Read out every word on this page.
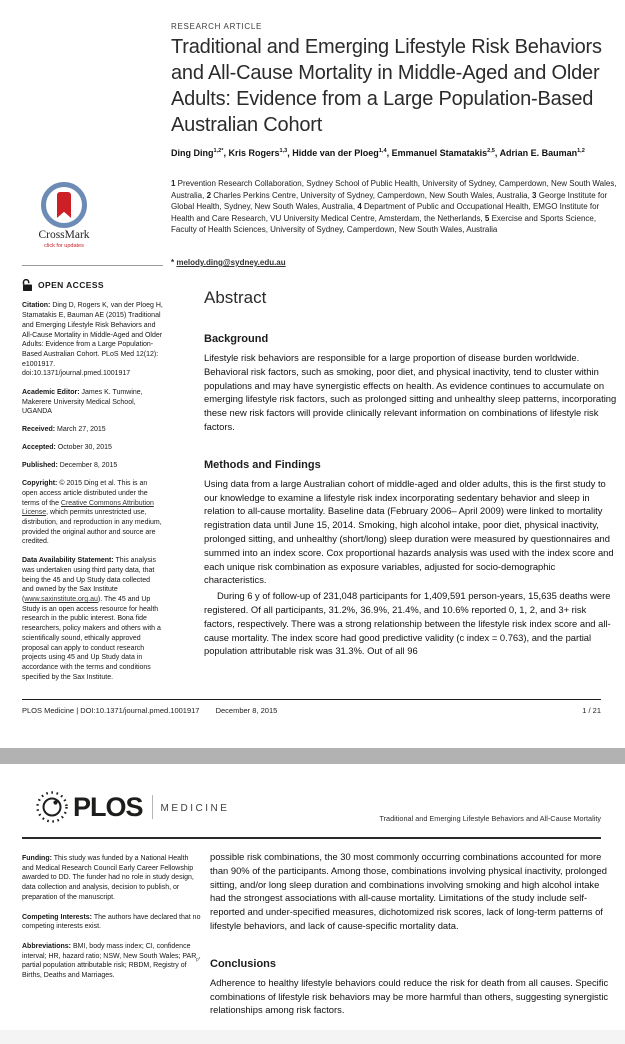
RESEARCH ARTICLE
Traditional and Emerging Lifestyle Risk Behaviors and All-Cause Mortality in Middle-Aged and Older Adults: Evidence from a Large Population-Based Australian Cohort

Ding Ding$^{1,2*}$, Kris Rogers$^{1,3}$, Hidde van der Ploeg$^{1,4}$, Emmanuel Stamatakis$^{2,5}$, Adrian E. Bauman$^{1,2}$

1 Prevention Research Collaboration, Sydney School of Public Health, University of Sydney, Camperdown, New South Wales, Australia, 2 Charles Perkins Centre, University of Sydney, Camperdown, New South Wales, Australia, 3 George Institute for Global Health, Sydney, New South Wales, Australia, 4 Department of Public and Occupational Health, EMGO Institute for Health and Care Research, VU University Medical Centre, Amsterdam, the Netherlands, 5 Exercise and Sports Science, Faculty of Health Sciences, University of Sydney, Camperdown, New South Wales, Australia

* melody.ding@sydney.edu.au

CrossMark
click for updates
OPEN ACCESS

Citation: Ding D, Rogers K, van der Ploeg H, Stamatakis E, Bauman AE (2015) Traditional and Emerging Lifestyle Risk Behaviors and All-Cause Mortality in Middle-Aged and Older Adults: Evidence from a Large Population-Based Australian Cohort. PLoS Med 12(12): e1001917. doi:10.1371/journal.pmed.1001917

Academic Editor: James K. Tumwine, Makerere University Medical School, UGANDA

Received: March 27, 2015

Accepted: October 30, 2015

Published: December 8, 2015

Copyright: © 2015 Ding et al. This is an open access article distributed under the terms of the Creative Commons Attribution License, which permits unrestricted use, distribution, and reproduction in any medium, provided the original author and source are credited.

Data Availability Statement: This analysis was undertaken using third party data, that being the 45 and Up Study data collected and owned by the Sax Institute (www.saxinstitute.org.au). The 45 and Up Study is an open access resource for health research in the public interest. Bona fide researchers, policy makers and others with a scientifically sound, ethically approved proposal can apply to conduct research projects using 45 and Up Study data in accordance with the terms and conditions specified by the Sax Institute.

Abstract
Background

Lifestyle risk behaviors are responsible for a large proportion of disease burden worldwide. Behavioral risk factors, such as smoking, poor diet, and physical inactivity, tend to cluster within populations and may have synergistic effects on health. As evidence continues to accumulate on emerging lifestyle risk factors, such as prolonged sitting and unhealthy sleep patterns, incorporating these new risk factors will provide clinically relevant information on combinations of lifestyle risk factors.

Methods and Findings

Using data from a large Australian cohort of middle-aged and older adults, this is the first study to our knowledge to examine a lifestyle risk index incorporating sedentary behavior and sleep in relation to all-cause mortality. Baseline data (February 2006– April 2009) were linked to mortality registration data until June 15, 2014. Smoking, high alcohol intake, poor diet, physical inactivity, prolonged sitting, and unhealthy (short/long) sleep duration were measured by questionnaires and summed into an index score. Cox proportional hazards analysis was used with the index score and each unique risk combination as exposure variables, adjusted for socio-demographic characteristics.

During 6 y of follow-up of 231,048 participants for 1,409,591 person-years, 15,635 deaths were registered. Of all participants, 31.2%, 36.9%, 21.4%, and 10.6% reported 0, 1, 2, and 3+ risk factors, respectively. There was a strong relationship between the lifestyle risk index score and all-cause mortality. The index score had good predictive validity (c index = 0.763), and the partial population attributable risk was 31.3%. Out of all 96

PLOS Medicine | DOI:10.1371/journal.pmed.1001917 December 8, 2015	1 / 21
PLOS MEDICINE
Traditional and Emerging Lifestyle Behaviors and All-Cause Mortality

Funding: This study was funded by a National Health and Medical Research Council Early Career Fellowship awarded to DD. The funder had no role in study design, data collection and analysis, decision to publish, or preparation of the manuscript.

Competing Interests: The authors have declared that no competing interests exist.

Abbreviations: BMI, body mass index; CI, confidence interval; HR, hazard ratio; NSW, New South Wales; $PAR_p$, partial population attributable risk; RBDM, Registry of Births, Deaths and Marriages.

possible risk combinations, the 30 most commonly occurring combinations accounted for more than 90% of the participants. Among those, combinations involving physical inactivity, prolonged sitting, and/or long sleep duration and combinations involving smoking and high alcohol intake had the strongest associations with all-cause mortality. Limitations of the study include self-reported and under-specified measures, dichotomized risk scores, lack of long-term patterns of lifestyle behaviors, and lack of cause-specific mortality data.

Conclusions

Adherence to healthy lifestyle behaviors could reduce the risk for death from all causes. Specific combinations of lifestyle risk behaviors may be more harmful than others, suggesting synergistic relationships among risk factors.
